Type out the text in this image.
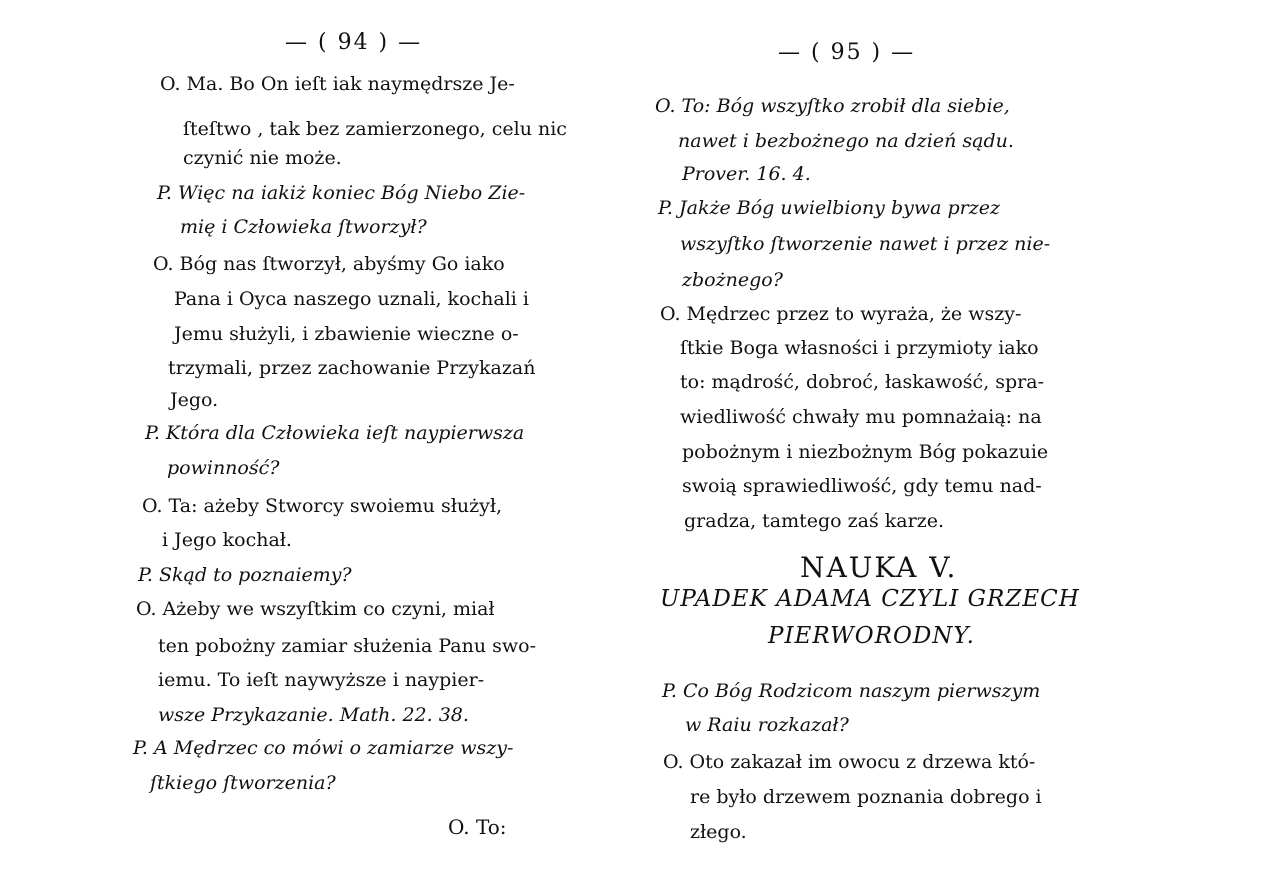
— ( 94 ) —
O. Ma. Bo On ieſt iak naymędrsze Je-
ſteſtwo , tak bez zamierzonego, celu nic
czynić nie może.
P. Więc na iakiż koniec Bóg Niebo Zie-
mię i Człowieka ſtworzył?
O. Bóg nas ſtworzył, abyśmy Go iako
Pana i Oyca naszego uznali, kochali i
Jemu służyli, i zbawienie wieczne o-
trzymali, przez zachowanie Przykazań
Jego.
P. Która dla Człowieka ieſt naypierwsza
powinność?
O. Ta: ażeby Stworcy swoiemu służył,
i Jego kochał.
P. Skąd to poznaiemy?
O. Ażeby we wszyſtkim co czyni, miał
ten pobożny zamiar służenia Panu swo-
iemu. To ieſt naywyższe i naypier-
wsze Przykazanie. Math. 22. 38.
P. A Mędrzec co mówi o zamiarze wszy-
ſtkiego ſtworzenia?
O. To:
— ( 95 ) —
O. To: Bóg wszyſtko zrobił dla siebie,
nawet i bezbożnego na dzień sądu.
Prover. 16. 4.
P. Jakże Bóg uwielbiony bywa przez
wszyſtko ſtworzenie nawet i przez nie-
zbożnego?
O. Mędrzec przez to wyraża, że wszy-
ſtkie Boga własności i przymioty iako
to: mądrość, dobroć, łaskawość, spra-
wiedliwość chwały mu pomnażaią: na
pobożnym i niezbożnym Bóg pokazuie
swoią sprawiedliwość, gdy temu nad-
gradza, tamtego zaś karze.
NAUKA V.
UPADEK ADAMA CZYLI GRZECH
PIERWORODNY.
P. Co Bóg Rodzicom naszym pierwszym
w Raiu rozkazał?
O. Oto zakazał im owocu z drzewa któ-
re było drzewem poznania dobrego i
złego.
